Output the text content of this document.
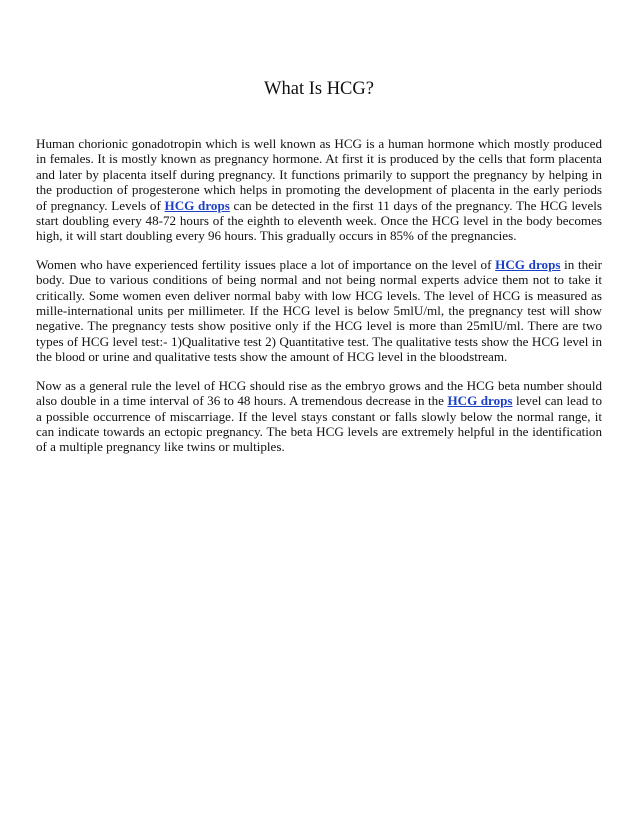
What Is HCG?

Human chorionic gonadotropin which is well known as HCG is a human hormone which mostly produced in females. It is mostly known as pregnancy hormone. At first it is produced by the cells that form placenta and later by placenta itself during pregnancy. It functions primarily to support the pregnancy by helping in the production of progesterone which helps in promoting the development of placenta in the early periods of pregnancy. Levels of HCG drops can be detected in the first 11 days of the pregnancy. The HCG levels start doubling every 48-72 hours of the eighth to eleventh week. Once the HCG level in the body becomes high, it will start doubling every 96 hours. This gradually occurs in 85% of the pregnancies.

Women who have experienced fertility issues place a lot of importance on the level of HCG drops in their body. Due to various conditions of being normal and not being normal experts advice them not to take it critically. Some women even deliver normal baby with low HCG levels. The level of HCG is measured as mille-international units per millimeter. If the HCG level is below 5mlU/ml, the pregnancy test will show negative. The pregnancy tests show positive only if the HCG level is more than 25mlU/ml. There are two types of HCG level test:- 1)Qualitative test 2) Quantitative test. The qualitative tests show the HCG level in the blood or urine and qualitative tests show the amount of HCG level in the bloodstream.

Now as a general rule the level of HCG should rise as the embryo grows and the HCG beta number should also double in a time interval of 36 to 48 hours. A tremendous decrease in the HCG drops level can lead to a possible occurrence of miscarriage. If the level stays constant or falls slowly below the normal range, it can indicate towards an ectopic pregnancy. The beta HCG levels are extremely helpful in the identification of a multiple pregnancy like twins or multiples.
